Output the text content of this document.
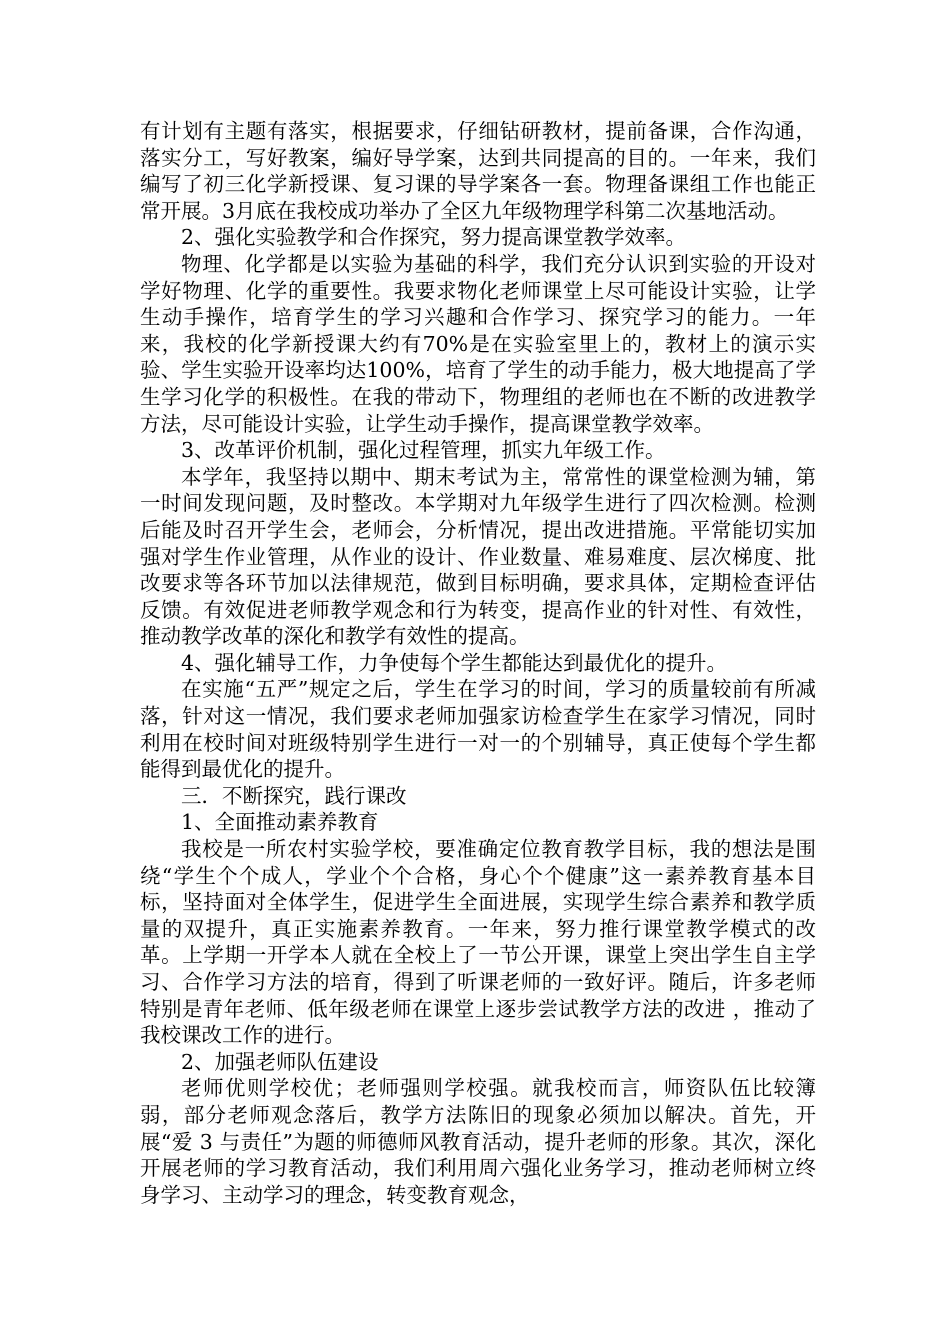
有计划有主题有落实，根据要求，仔细钻研教材，提前备课，合作沟通，落实分工，写好教案，编好导学案，达到共同提高的目的。一年来，我们编写了初三化学新授课、复习课的导学案各一套。物理备课组工作也能正常开展。3月底在我校成功举办了全区九年级物理学科第二次基地活动。

2、强化实验教学和合作探究，努力提高课堂教学效率。

物理、化学都是以实验为基础的科学，我们充分认识到实验的开设对学好物理、化学的重要性。我要求物化老师课堂上尽可能设计实验，让学生动手操作，培育学生的学习兴趣和合作学习、探究学习的能力。一年来，我校的化学新授课大约有70%是在实验室里上的，教材上的演示实验、学生实验开设率均达100%，培育了学生的动手能力，极大地提高了学生学习化学的积极性。在我的带动下，物理组的老师也在不断的改进教学方法，尽可能设计实验，让学生动手操作，提高课堂教学效率。

3、改革评价机制，强化过程管理，抓实九年级工作。

本学年，我坚持以期中、期末考试为主，常常性的课堂检测为辅，第一时间发现问题，及时整改。本学期对九年级学生进行了四次检测。检测后能及时召开学生会，老师会，分析情况，提出改进措施。平常能切实加强对学生作业管理，从作业的设计、作业数量、难易难度、层次梯度、批改要求等各环节加以法律规范，做到目标明确，要求具体，定期检查评估反馈。有效促进老师教学观念和行为转变，提高作业的针对性、有效性，推动教学改革的深化和教学有效性的提高。

4、强化辅导工作，力争使每个学生都能达到最优化的提升。

在实施“五严”规定之后，学生在学习的时间，学习的质量较前有所减落，针对这一情况，我们要求老师加强家访检查学生在家学习情况，同时利用在校时间对班级特别学生进行一对一的个别辅导，真正使每个学生都能得到最优化的提升。

三．不断探究，践行课改

1、全面推动素养教育

我校是一所农村实验学校，要准确定位教育教学目标，我的想法是围绕“学生个个成人，学业个个合格，身心个个健康”这一素养教育基本目标，坚持面对全体学生，促进学生全面进展，实现学生综合素养和教学质量的双提升，真正实施素养教育。一年来，努力推行课堂教学模式的改革。上学期一开学本人就在全校上了一节公开课，课堂上突出学生自主学习、合作学习方法的培育，得到了听课老师的一致好评。随后，许多老师特别是青年老师、低年级老师在课堂上逐步尝试教学方法的改进 ，推动了我校课改工作的进行。

2、加强老师队伍建设

老师优则学校优；老师强则学校强。就我校而言，师资队伍比较簿弱，部分老师观念落后，教学方法陈旧的现象必须加以解决。首先，开展“爱 3 与责任”为题的师德师风教育活动，提升老师的形象。其次，深化开展老师的学习教育活动，我们利用周六强化业务学习，推动老师树立终身学习、主动学习的理念，转变教育观念，
